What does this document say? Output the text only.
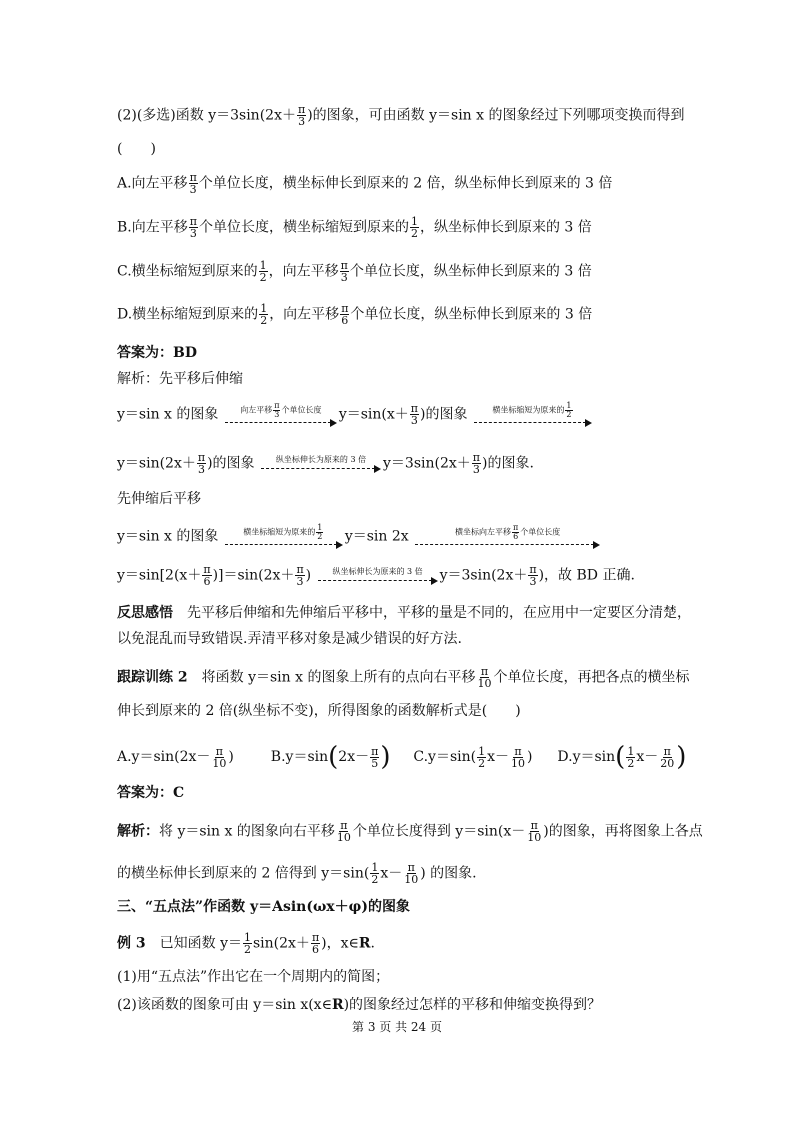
(2)(多选)函数 $y=3\sin(2x+ \frac{\pi}{3}$ )的图象，可由函数 y＝sin x 的图象经过下列哪项变换而得到
(　　)
A.向左平移 $\frac{\pi}{3}$ 个单位长度，横坐标伸长到原来的 2 倍，纵坐标伸长到原来的 3 倍
B.向左平移 $\frac{\pi}{3}$ 个单位长度，横坐标缩短到原来的 $\frac{1}{2}$ ，纵坐标伸长到原来的 3 倍
C.横坐标缩短到原来的 $\frac{1}{2}$ ，向左平移 $\frac{\pi}{3}$ 个单位长度，纵坐标伸长到原来的 3 倍
D.横坐标缩短到原来的 $\frac{1}{2}$ ，向左平移 $\frac{\pi}{6}$ 个单位长度，纵坐标伸长到原来的 3 倍
答案为：BD
解析：先平移后伸缩
y＝sin x 的图象	向左平移 $\frac{\pi}{3}$ 个单位长度 $y=\sin(x+ \frac{\pi}{3}$ )的图象	横坐标缩短为原来的 $\frac{1}{2}$
$y=\sin(2x+ \frac{\pi}{3}$ )的图象	纵坐标伸长为原来的 3 倍 $y=3\sin(2x+ \frac{\pi}{3}$ )的图象.
先伸缩后平移
y＝sin x 的图象	横坐标缩短为原来的 $\frac{1}{2} y=\sin$ 2x	横坐标向左平移 $\frac{\pi}{6}$ 个单位长度
$y=\sin[2(x+ \frac{\pi}{6} )]=\sin(2x+ \frac{\pi}{3}$ )	纵坐标伸长为原来的 3 倍 $y=3\sin(2x+ \frac{\pi}{3}$ )，故 BD 正确.
反思感悟　先平移后伸缩和先伸缩后平移中，平移的量是不同的，在应用中一定要区分清楚，
以免混乱而导致错误.弄清平移对象是减少错误的好方法.
跟踪训练 2　将函数 y＝sin x 的图象上所有的点向右平移 $\frac{\pi}{10}$ 个单位长度，再把各点的横坐标
伸长到原来的 2 倍(纵坐标不变)，所得图象的函数解析式是(　　)
$A.y=\sin(2x- \frac{\pi}{10}$ )	$B.y=\sin(2x- \frac{\pi}{5}$ ) $C.y=\sin( \frac{1}{2} x- \frac{\pi}{10}$ ) $D.y=\sin( \frac{1}{2} x- \frac{\pi}{20}$ )
答案为：C
解析：将 y＝sin x 的图象向右平移 $\frac{\pi}{10}$ 个单位长度得到 $y=\sin(x- \frac{\pi}{10}$ )的图象，再将图象上各点
的横坐标伸长到原来的 2 倍得到 $y=\sin( \frac{1}{2} x- \frac{\pi}{10}$ ) 的图象.
三、“五点法”作函数 y＝Asin(ωx＋φ)的图象
例 3　已知函数 $y= \frac{1}{2} \sin(2x+ \frac{\pi}{6}$ )，x∈R.
(1)用“五点法”作出它在一个周期内的简图；
(2)该函数的图象可由 y＝sin x(x∈R)的图象经过怎样的平移和伸缩变换得到？
第 3 页 共 24 页
